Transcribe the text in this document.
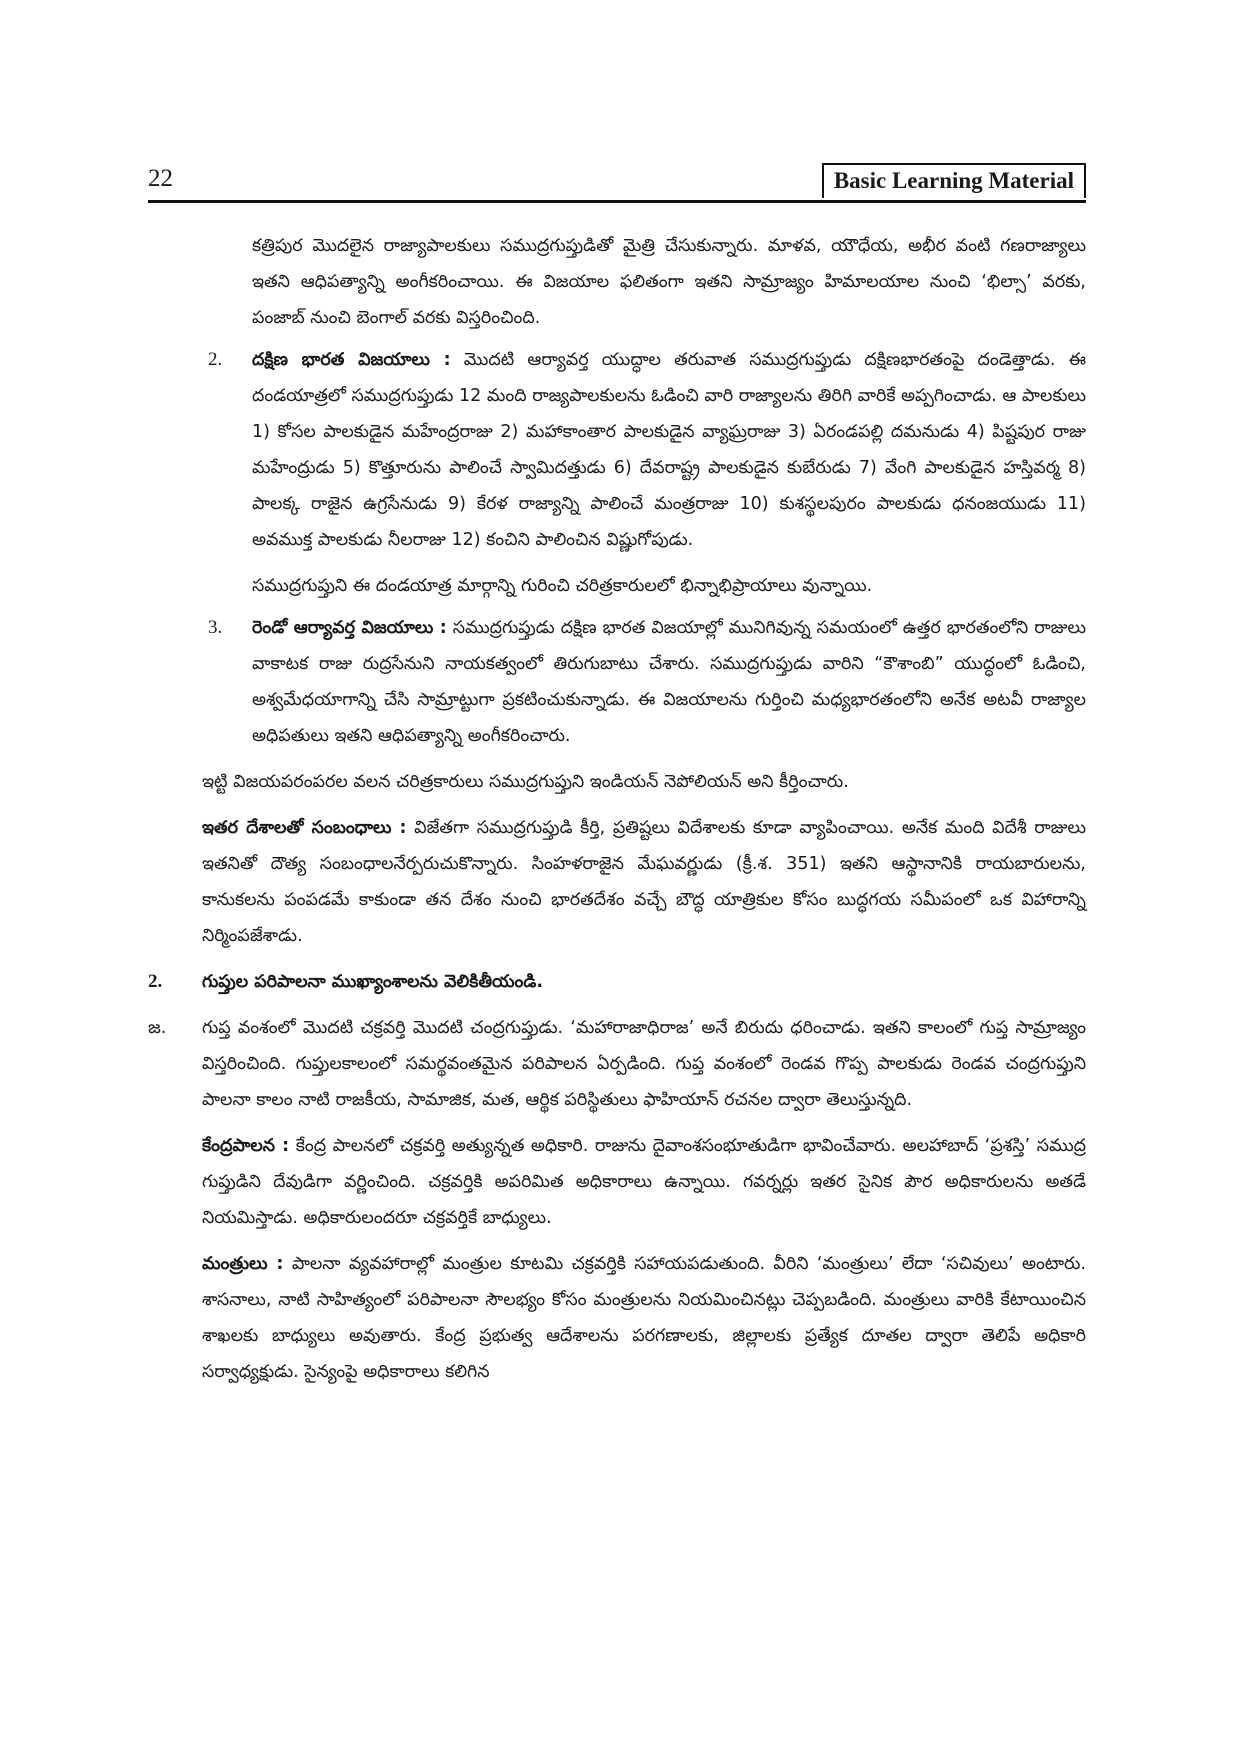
22	Basic Learning Material

కత్రిపుర మొదలైన రాజ్యాపాలకులు సముద్రగుప్తుడితో మైత్రి చేసుకున్నారు. మాళవ, యౌధేయ, అభీర వంటి గణరాజ్యాలు ఇతని ఆధిపత్యాన్ని అంగీకరించాయి. ఈ విజయాల ఫలితంగా ఇతని సామ్రాజ్యం హిమాలయాల నుంచి ‘భిల్సా’ వరకు, పంజాబ్ నుంచి బెంగాల్ వరకు విస్తరించింది.

2. దక్షిణ భారత విజయాలు : మొదటి ఆర్యావర్త యుద్ధాల తరువాత సముద్రగుప్తుడు దక్షిణభారతంపై దండెత్తాడు. ఈ దండయాత్రలో సముద్రగుప్తుడు 12 మంది రాజ్యపాలకులను ఓడించి వారి రాజ్యాలను తిరిగి వారికే అప్పగించాడు. ఆ పాలకులు 1) కోసల పాలకుడైన మహేంద్రరాజు 2) మహాకాంతార పాలకుడైన వ్యాఘ్రరాజు 3) ఏరండపల్లి దమనుడు 4) పిష్టపుర రాజు మహేంద్రుడు 5) కొత్తూరును పాలించే స్వామిదత్తుడు 6) దేవరాష్ట్ర పాలకుడైన కుబేరుడు 7) వేంగి పాలకుడైన హస్తివర్మ 8) పాలక్క రాజైన ఉగ్రసేనుడు 9) కేరళ రాజ్యాన్ని పాలించే మంత్రరాజు 10) కుశస్థలపురం పాలకుడు ధనంజయుడు 11) అవముక్త పాలకుడు నీలరాజు 12) కంచిని పాలించిన విష్ణుగోపుడు.

సముద్రగుప్తుని ఈ దండయాత్ర మార్గాన్ని గురించి చరిత్రకారులలో భిన్నాభిప్రాయాలు వున్నాయి.

3. రెండో ఆర్యావర్త విజయాలు : సముద్రగుప్తుడు దక్షిణ భారత విజయాల్లో మునిగివున్న సమయంలో ఉత్తర భారతంలోని రాజులు వాకాటక రాజు రుద్రసేనుని నాయకత్వంలో తిరుగుబాటు చేశారు. సముద్రగుప్తుడు వారిని “కౌశాంబి” యుద్ధంలో ఓడించి, అశ్వమేధయాగాన్ని చేసి సామ్రాట్టుగా ప్రకటించుకున్నాడు. ఈ విజయాలను గుర్తించి మధ్యభారతంలోని అనేక అటవీ రాజ్యాల అధిపతులు ఇతని ఆధిపత్యాన్ని అంగీకరించారు.

ఇట్టి విజయపరంపరల వలన చరిత్రకారులు సముద్రగుప్తుని ఇండియన్ నెపోలియన్ అని కీర్తించారు.

ఇతర దేశాలతో సంబంధాలు : విజేతగా సముద్రగుప్తుడి కీర్తి, ప్రతిష్టలు విదేశాలకు కూడా వ్యాపించాయి. అనేక మంది విదేశీ రాజులు ఇతనితో దౌత్య సంబంధాలనేర్పరుచుకొన్నారు. సింహళరాజైన మేఘవర్ణుడు (క్రీ.శ. 351) ఇతని ఆస్థానానికి రాయబారులను, కానుకలను పంపడమే కాకుండా తన దేశం నుంచి భారతదేశం వచ్చే బౌద్ధ యాత్రికుల కోసం బుద్ధగయ సమీపంలో ఒక విహారాన్ని నిర్మింపజేశాడు.

2. గుప్తుల పరిపాలనా ముఖ్యాంశాలను వెలికితీయండి.

జ. గుప్త వంశంలో మొదటి చక్రవర్తి మొదటి చంద్రగుప్తుడు. ‘మహారాజాధిరాజ’ అనే బిరుదు ధరించాడు. ఇతని కాలంలో గుప్త సామ్రాజ్యం విస్తరించింది. గుప్తులకాలంలో సమర్థవంతమైన పరిపాలన ఏర్పడింది. గుప్త వంశంలో రెండవ గొప్ప పాలకుడు రెండవ చంద్రగుప్తుని పాలనా కాలం నాటి రాజకీయ, సామాజిక, మత, ఆర్థిక పరిస్థితులు ఫాహియాన్ రచనల ద్వారా తెలుస్తున్నది.

కేంద్రపాలన : కేంద్ర పాలనలో చక్రవర్తి అత్యున్నత అధికారి. రాజును దైవాంశసంభూతుడిగా భావించేవారు. అలహాబాద్ ‘ప్రశస్తి’ సముద్ర గుప్తుడిని దేవుడిగా వర్ణించింది. చక్రవర్తికి అపరిమిత అధికారాలు ఉన్నాయి. గవర్నర్లు ఇతర సైనిక పౌర అధికారులను అతడే నియమిస్తాడు. అధికారులందరూ చక్రవర్తికే బాధ్యులు.

మంత్రులు : పాలనా వ్యవహారాల్లో మంత్రుల కూటమి చక్రవర్తికి సహాయపడుతుంది. వీరిని ‘మంత్రులు’ లేదా ‘సచివులు’ అంటారు. శాసనాలు, నాటి సాహిత్యంలో పరిపాలనా సౌలభ్యం కోసం మంత్రులను నియమించినట్లు చెప్పబడింది. మంత్రులు వారికి కేటాయించిన శాఖలకు బాధ్యులు అవుతారు. కేంద్ర ప్రభుత్వ ఆదేశాలను పరగణాలకు, జిల్లాలకు ప్రత్యేక దూతల ద్వారా తెలిపే అధికారి సర్వాధ్యక్షుడు. సైన్యంపై అధికారాలు కలిగిన
